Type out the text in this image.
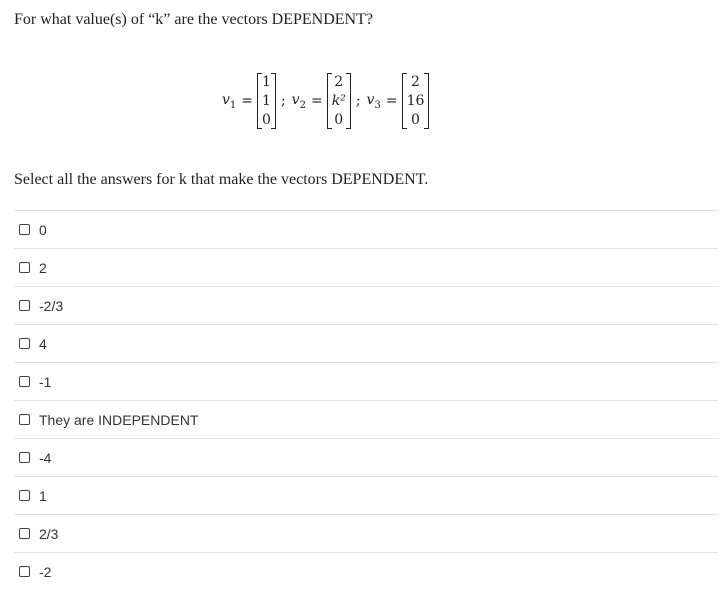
For what value(s) of “k” are the vectors DEPENDENT?
$v_1$ =
1
1
0
; $v_2$ =
2
k²
0
; $v_3$ =
2
16
0
Select all the answers for k that make the vectors DEPENDENT.
0
2
-2/3
4
-1
They are INDEPENDENT
-4
1
2/3
-2
